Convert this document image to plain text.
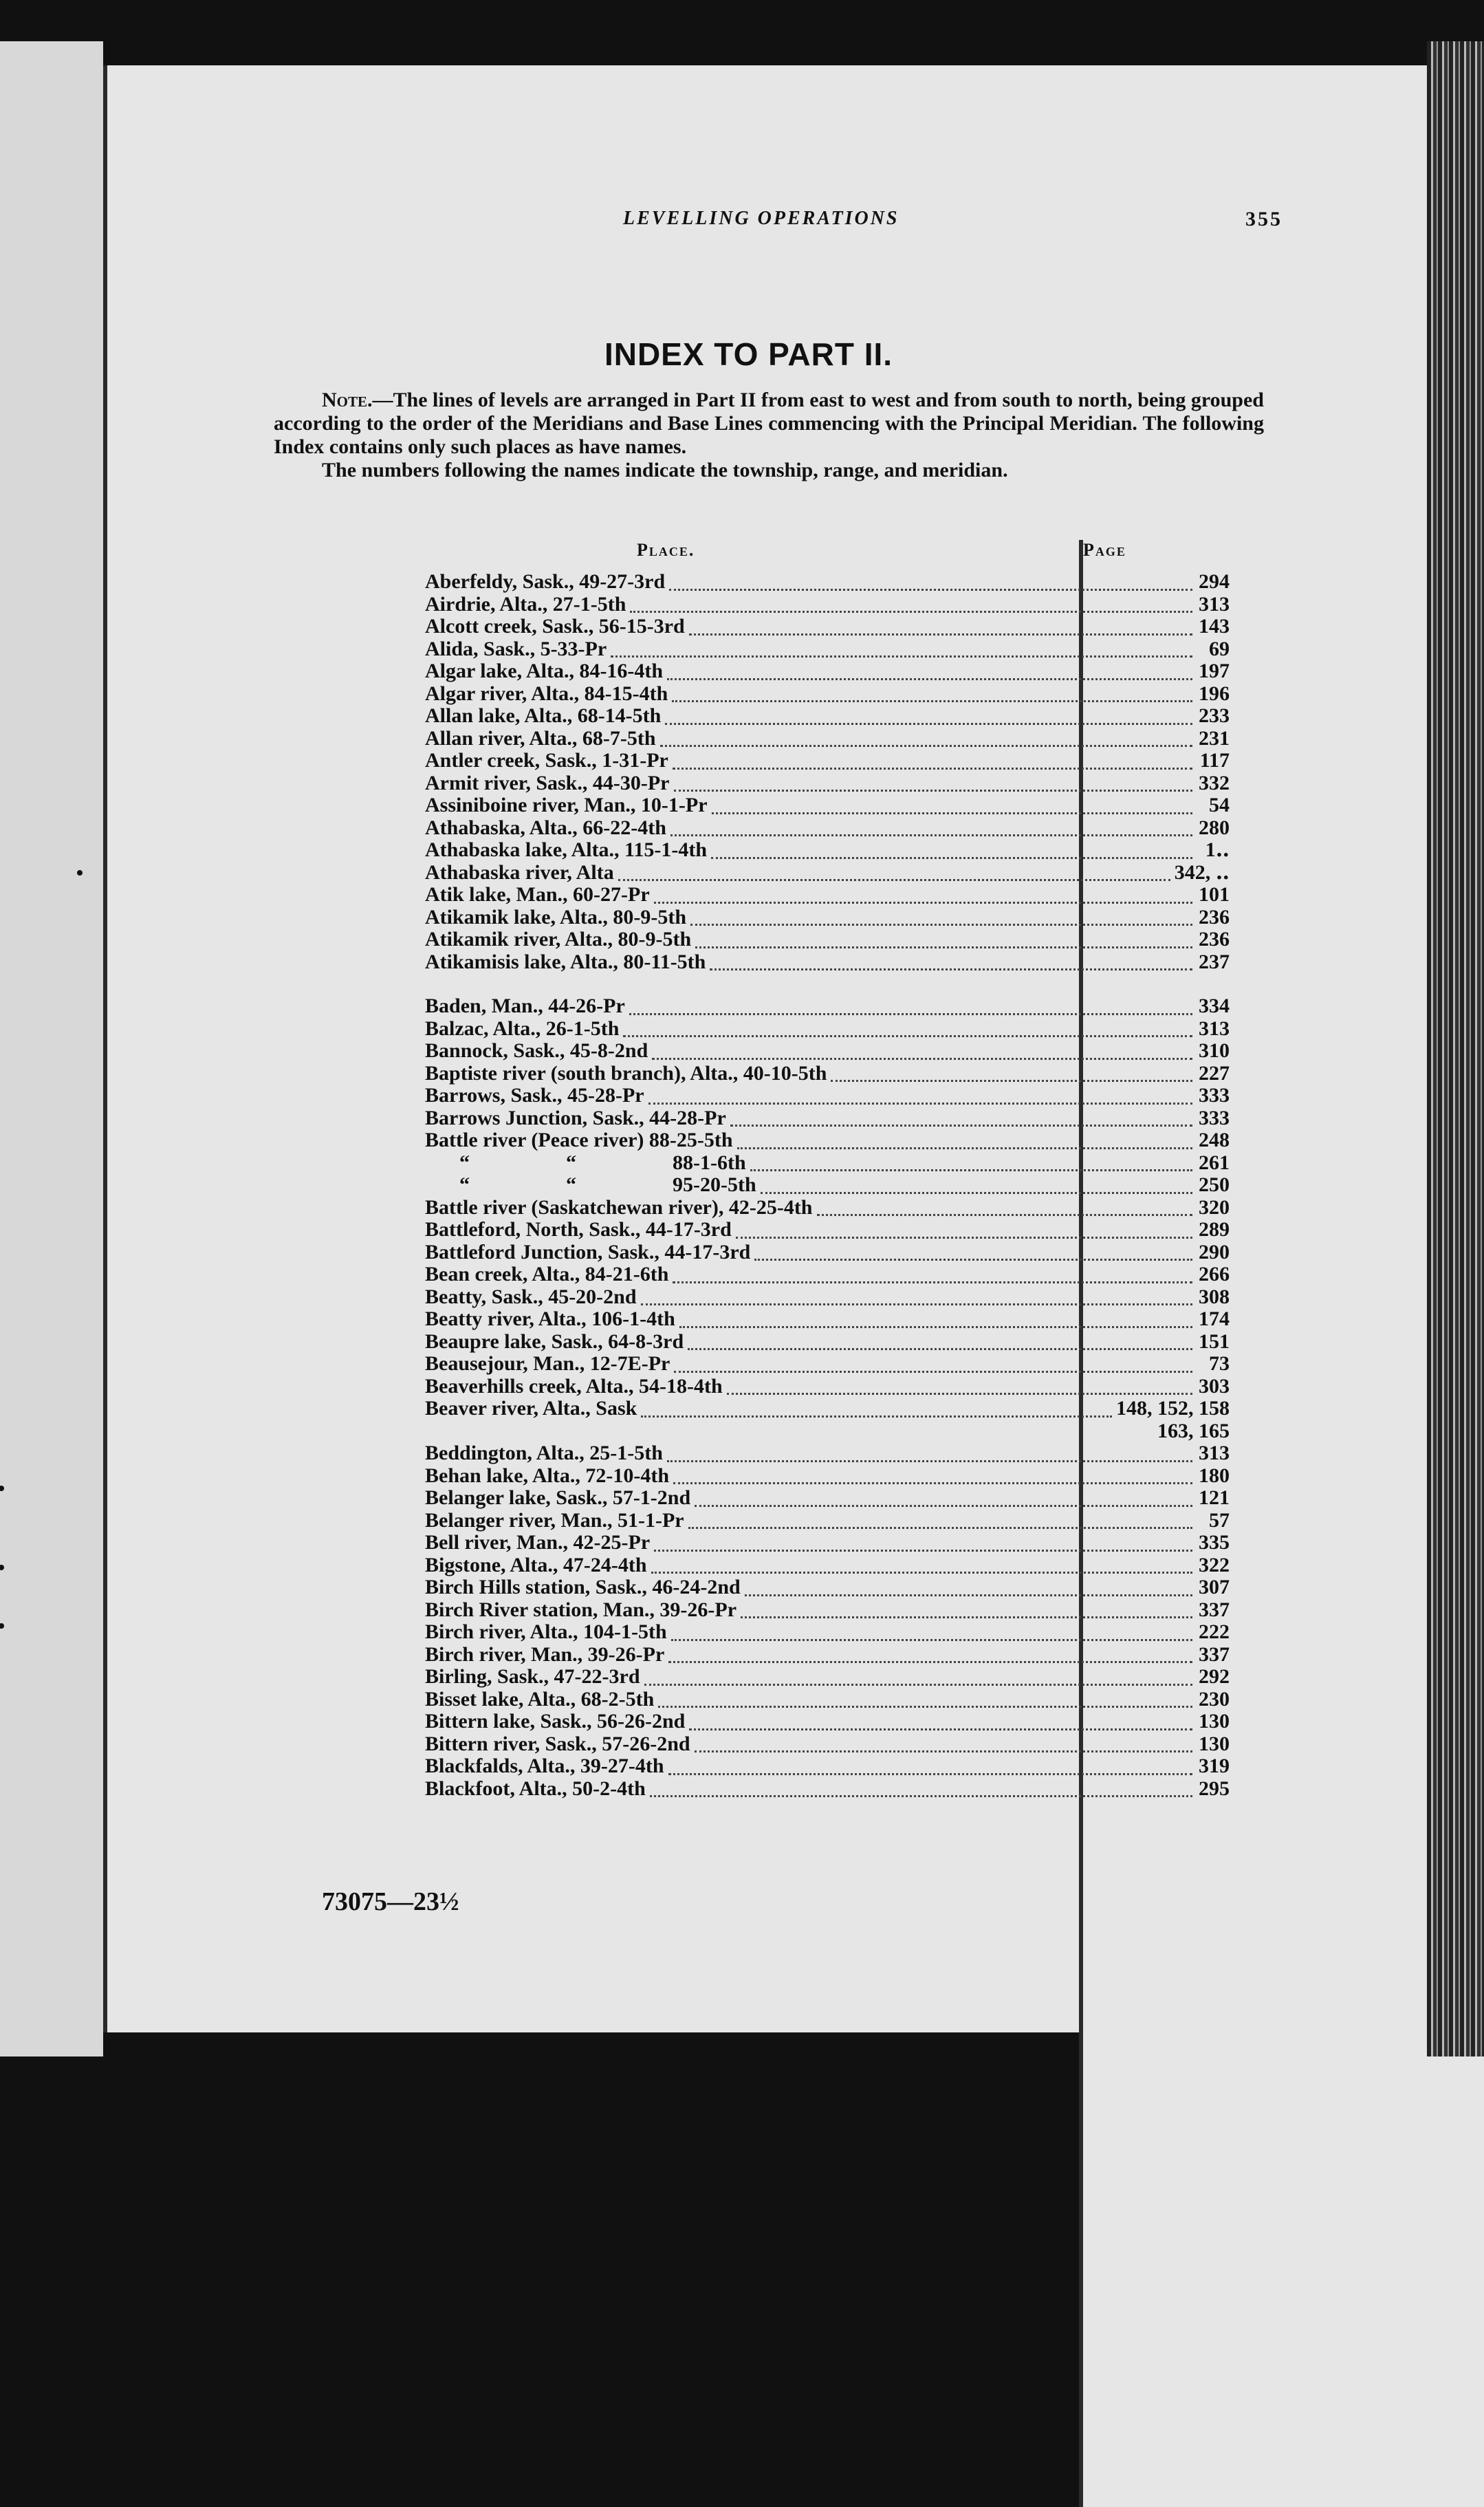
LEVELLING OPERATIONS	355
INDEX TO PART II.

Note.—The lines of levels are arranged in Part II from east to west and from south to north, being grouped according to the order of the Meridians and Base Lines commencing with the Principal Meridian. The following Index contains only such places as have names.

The numbers following the names indicate the township, range, and meridian.

Place.	Page
Aberfeldy, Sask., 49-27-3rd	294
Airdrie, Alta., 27-1-5th	313
Alcott creek, Sask., 56-15-3rd	143
Alida, Sask., 5-33-Pr	69
Algar lake, Alta., 84-16-4th	197
Algar river, Alta., 84-15-4th	196
Allan lake, Alta., 68-14-5th	233
Allan river, Alta., 68-7-5th	231
Antler creek, Sask., 1-31-Pr	117
Armit river, Sask., 44-30-Pr	332
Assiniboine river, Man., 10-1-Pr	54
Athabaska, Alta., 66-22-4th	280
Athabaska lake, Alta., 115-1-4th	1‥
Athabaska river, Alta	342, ‥
Atik lake, Man., 60-27-Pr	101
Atikamik lake, Alta., 80-9-5th	236
Atikamik river, Alta., 80-9-5th	236
Atikamisis lake, Alta., 80-11-5th	237
Baden, Man., 44-26-Pr	334
Balzac, Alta., 26-1-5th	313
Bannock, Sask., 45-8-2nd	310
Baptiste river (south branch), Alta., 40-10-5th	227
Barrows, Sask., 45-28-Pr	333
Barrows Junction, Sask., 44-28-Pr	333
Battle river (Peace river) 88-25-5th	248
“	“	88-1-6th	261
“	“	95-20-5th	250
Battle river (Saskatchewan river), 42-25-4th	320
Battleford, North, Sask., 44-17-3rd	289
Battleford Junction, Sask., 44-17-3rd	290
Bean creek, Alta., 84-21-6th	266
Beatty, Sask., 45-20-2nd	308
Beatty river, Alta., 106-1-4th	174
Beaupre lake, Sask., 64-8-3rd	151
Beausejour, Man., 12-7E-Pr	73
Beaverhills creek, Alta., 54-18-4th	303
Beaver river, Alta., Sask	148, 152, 158
163, 165
Beddington, Alta., 25-1-5th	313
Behan lake, Alta., 72-10-4th	180
Belanger lake, Sask., 57-1-2nd	121
Belanger river, Man., 51-1-Pr	57
Bell river, Man., 42-25-Pr	335
Bigstone, Alta., 47-24-4th	322
Birch Hills station, Sask., 46-24-2nd	307
Birch River station, Man., 39-26-Pr	337
Birch river, Alta., 104-1-5th	222
Birch river, Man., 39-26-Pr	337
Birling, Sask., 47-22-3rd	292
Bisset lake, Alta., 68-2-5th	230
Bittern lake, Sask., 56-26-2nd	130
Bittern river, Sask., 57-26-2nd	130
Blackfalds, Alta., 39-27-4th	319
Blackfoot, Alta., 50-2-4th	295
73075—23½
